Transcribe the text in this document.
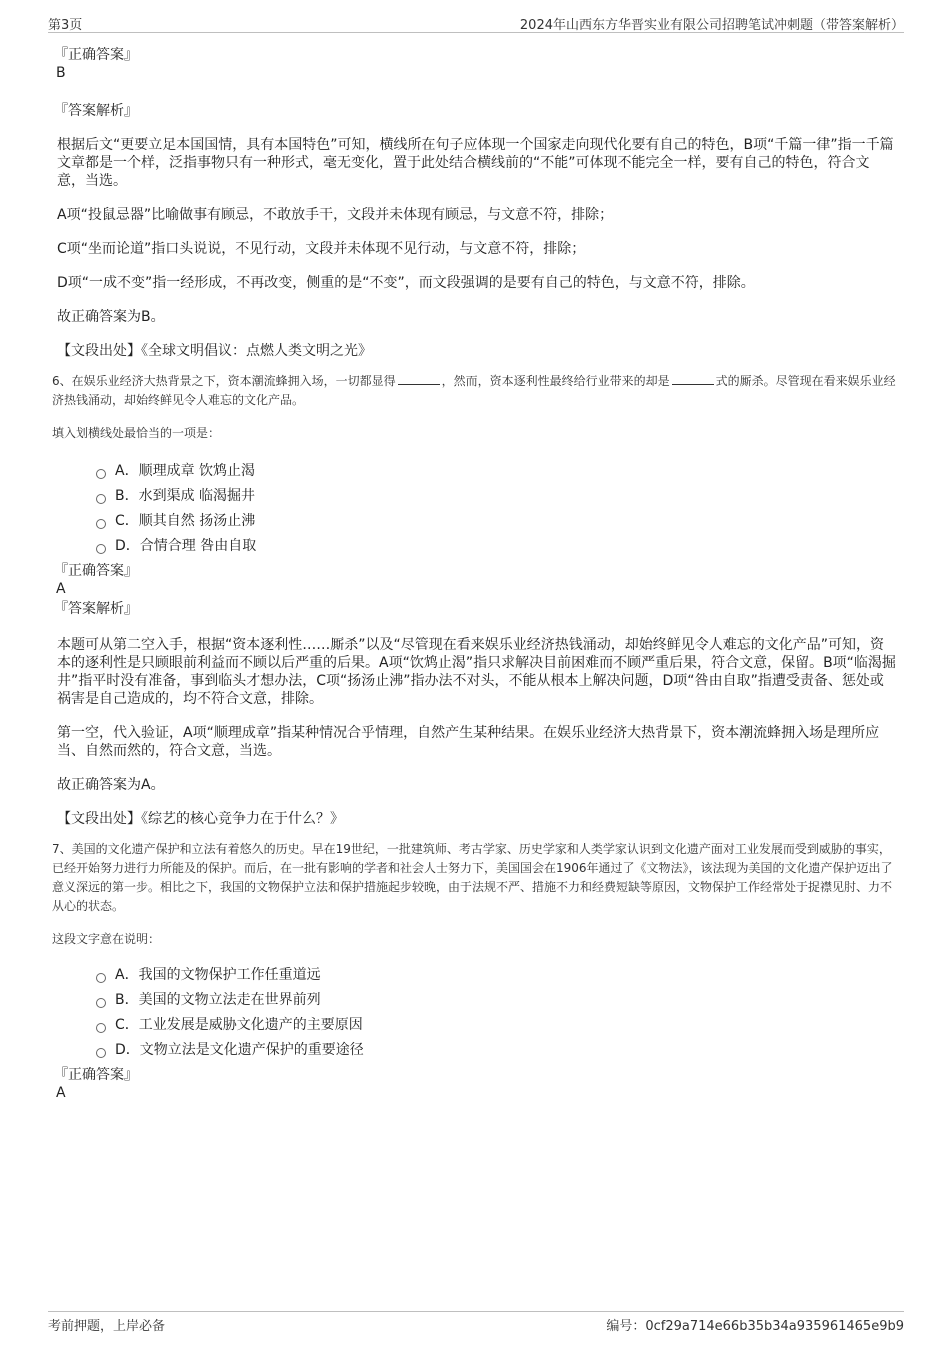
第3页	2024年山西东方华晋实业有限公司招聘笔试冲刺题（带答案解析）
『正确答案』
B
『答案解析』
根据后文“更要立足本国国情，具有本国特色”可知，横线所在句子应体现一个国家走向现代化要有自己的特色，B项“千篇一律”指一千篇文章都是一个样，泛指事物只有一种形式，毫无变化，置于此处结合横线前的“不能”可体现不能完全一样，要有自己的特色，符合文意，当选。
A项“投鼠忌器”比喻做事有顾忌，不敢放手干，文段并未体现有顾忌，与文意不符，排除；
C项“坐而论道”指口头说说，不见行动，文段并未体现不见行动，与文意不符，排除；
D项“一成不变”指一经形成，不再改变，侧重的是“不变”，而文段强调的是要有自己的特色，与文意不符，排除。
故正确答案为B。
【文段出处】《全球文明倡议：点燃人类文明之光》
6、在娱乐业经济大热背景之下，资本潮流蜂拥入场，一切都显得	，然而，资本逐利性最终给行业带来的却是	式的厮杀。尽管现在看来娱乐业经济热钱涌动，却始终鲜见令人难忘的文化产品。
填入划横线处最恰当的一项是：
A．顺理成章 饮鸩止渴
B．水到渠成 临渴掘井
C．顺其自然 扬汤止沸
D．合情合理 咎由自取
『正确答案』
A
『答案解析』
本题可从第二空入手，根据“资本逐利性……厮杀”以及“尽管现在看来娱乐业经济热钱涌动，却始终鲜见令人难忘的文化产品”可知，资本的逐利性是只顾眼前利益而不顾以后严重的后果。A项“饮鸩止渴”指只求解决目前困难而不顾严重后果，符合文意，保留。B项“临渴掘井”指平时没有准备，事到临头才想办法，C项“扬汤止沸”指办法不对头，不能从根本上解决问题，D项“咎由自取”指遭受责备、惩处或祸害是自己造成的，均不符合文意，排除。
第一空，代入验证，A项“顺理成章”指某种情况合乎情理，自然产生某种结果。在娱乐业经济大热背景下，资本潮流蜂拥入场是理所应当、自然而然的，符合文意，当选。
故正确答案为A。
【文段出处】《综艺的核心竞争力在于什么？》
7、美国的文化遗产保护和立法有着悠久的历史。早在19世纪，一批建筑师、考古学家、历史学家和人类学家认识到文化遗产面对工业发展而受到威胁的事实，已经开始努力进行力所能及的保护。而后，在一批有影响的学者和社会人士努力下，美国国会在1906年通过了《文物法》，该法现为美国的文化遗产保护迈出了意义深远的第一步。相比之下，我国的文物保护立法和保护措施起步较晚，由于法规不严、措施不力和经费短缺等原因，文物保护工作经常处于捉襟见肘、力不从心的状态。
这段文字意在说明：
A．我国的文物保护工作任重道远
B．美国的文物立法走在世界前列
C．工业发展是威胁文化遗产的主要原因
D．文物立法是文化遗产保护的重要途径
『正确答案』
A
考前押题，上岸必备	编号：0cf29a714e66b35b34a935961465e9b9
